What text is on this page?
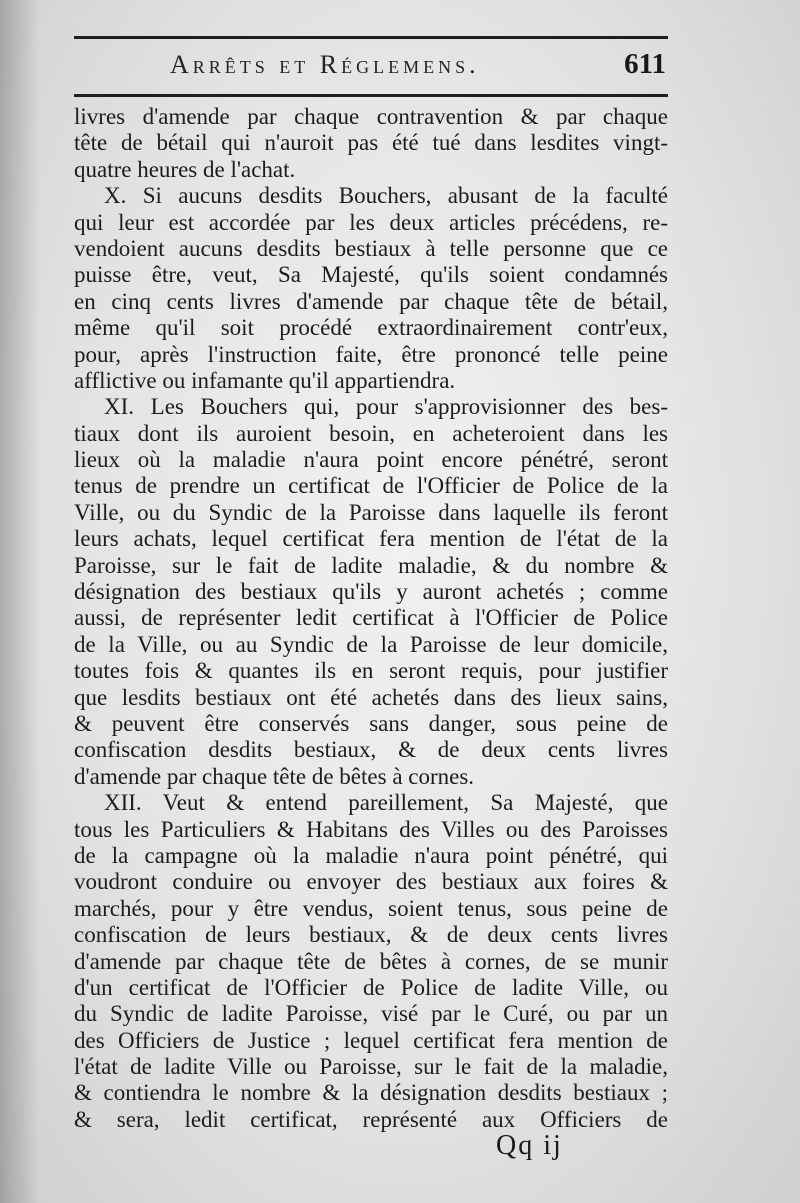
Arrêts et Réglemens.	611
livres d'amende par chaque contravention & par chaque
tête de bétail qui n'auroit pas été tué dans lesdites vingt-
quatre heures de l'achat.
X. Si aucuns desdits Bouchers, abusant de la faculté
qui leur est accordée par les deux articles précédens, re-
vendoient aucuns desdits bestiaux à telle personne que ce
puisse être, veut, Sa Majesté, qu'ils soient condamnés
en cinq cents livres d'amende par chaque tête de bétail,
même qu'il soit procédé extraordinairement contr'eux,
pour, après l'instruction faite, être prononcé telle peine
afflictive ou infamante qu'il appartiendra.
XI. Les Bouchers qui, pour s'approvisionner des bes-
tiaux dont ils auroient besoin, en acheteroient dans les
lieux où la maladie n'aura point encore pénétré, seront
tenus de prendre un certificat de l'Officier de Police de la
Ville, ou du Syndic de la Paroisse dans laquelle ils feront
leurs achats, lequel certificat fera mention de l'état de la
Paroisse, sur le fait de ladite maladie, & du nombre &
désignation des bestiaux qu'ils y auront achetés ; comme
aussi, de représenter ledit certificat à l'Officier de Police
de la Ville, ou au Syndic de la Paroisse de leur domicile,
toutes fois & quantes ils en seront requis, pour justifier
que lesdits bestiaux ont été achetés dans des lieux sains,
& peuvent être conservés sans danger, sous peine de
confiscation desdits bestiaux, & de deux cents livres
d'amende par chaque tête de bêtes à cornes.
XII. Veut & entend pareillement, Sa Majesté, que
tous les Particuliers & Habitans des Villes ou des Paroisses
de la campagne où la maladie n'aura point pénétré, qui
voudront conduire ou envoyer des bestiaux aux foires &
marchés, pour y être vendus, soient tenus, sous peine de
confiscation de leurs bestiaux, & de deux cents livres
d'amende par chaque tête de bêtes à cornes, de se munir
d'un certificat de l'Officier de Police de ladite Ville, ou
du Syndic de ladite Paroisse, visé par le Curé, ou par un
des Officiers de Justice ; lequel certificat fera mention de
l'état de ladite Ville ou Paroisse, sur le fait de la maladie,
& contiendra le nombre & la désignation desdits bestiaux ;
& sera, ledit certificat, représenté aux Officiers de
Qq ij
